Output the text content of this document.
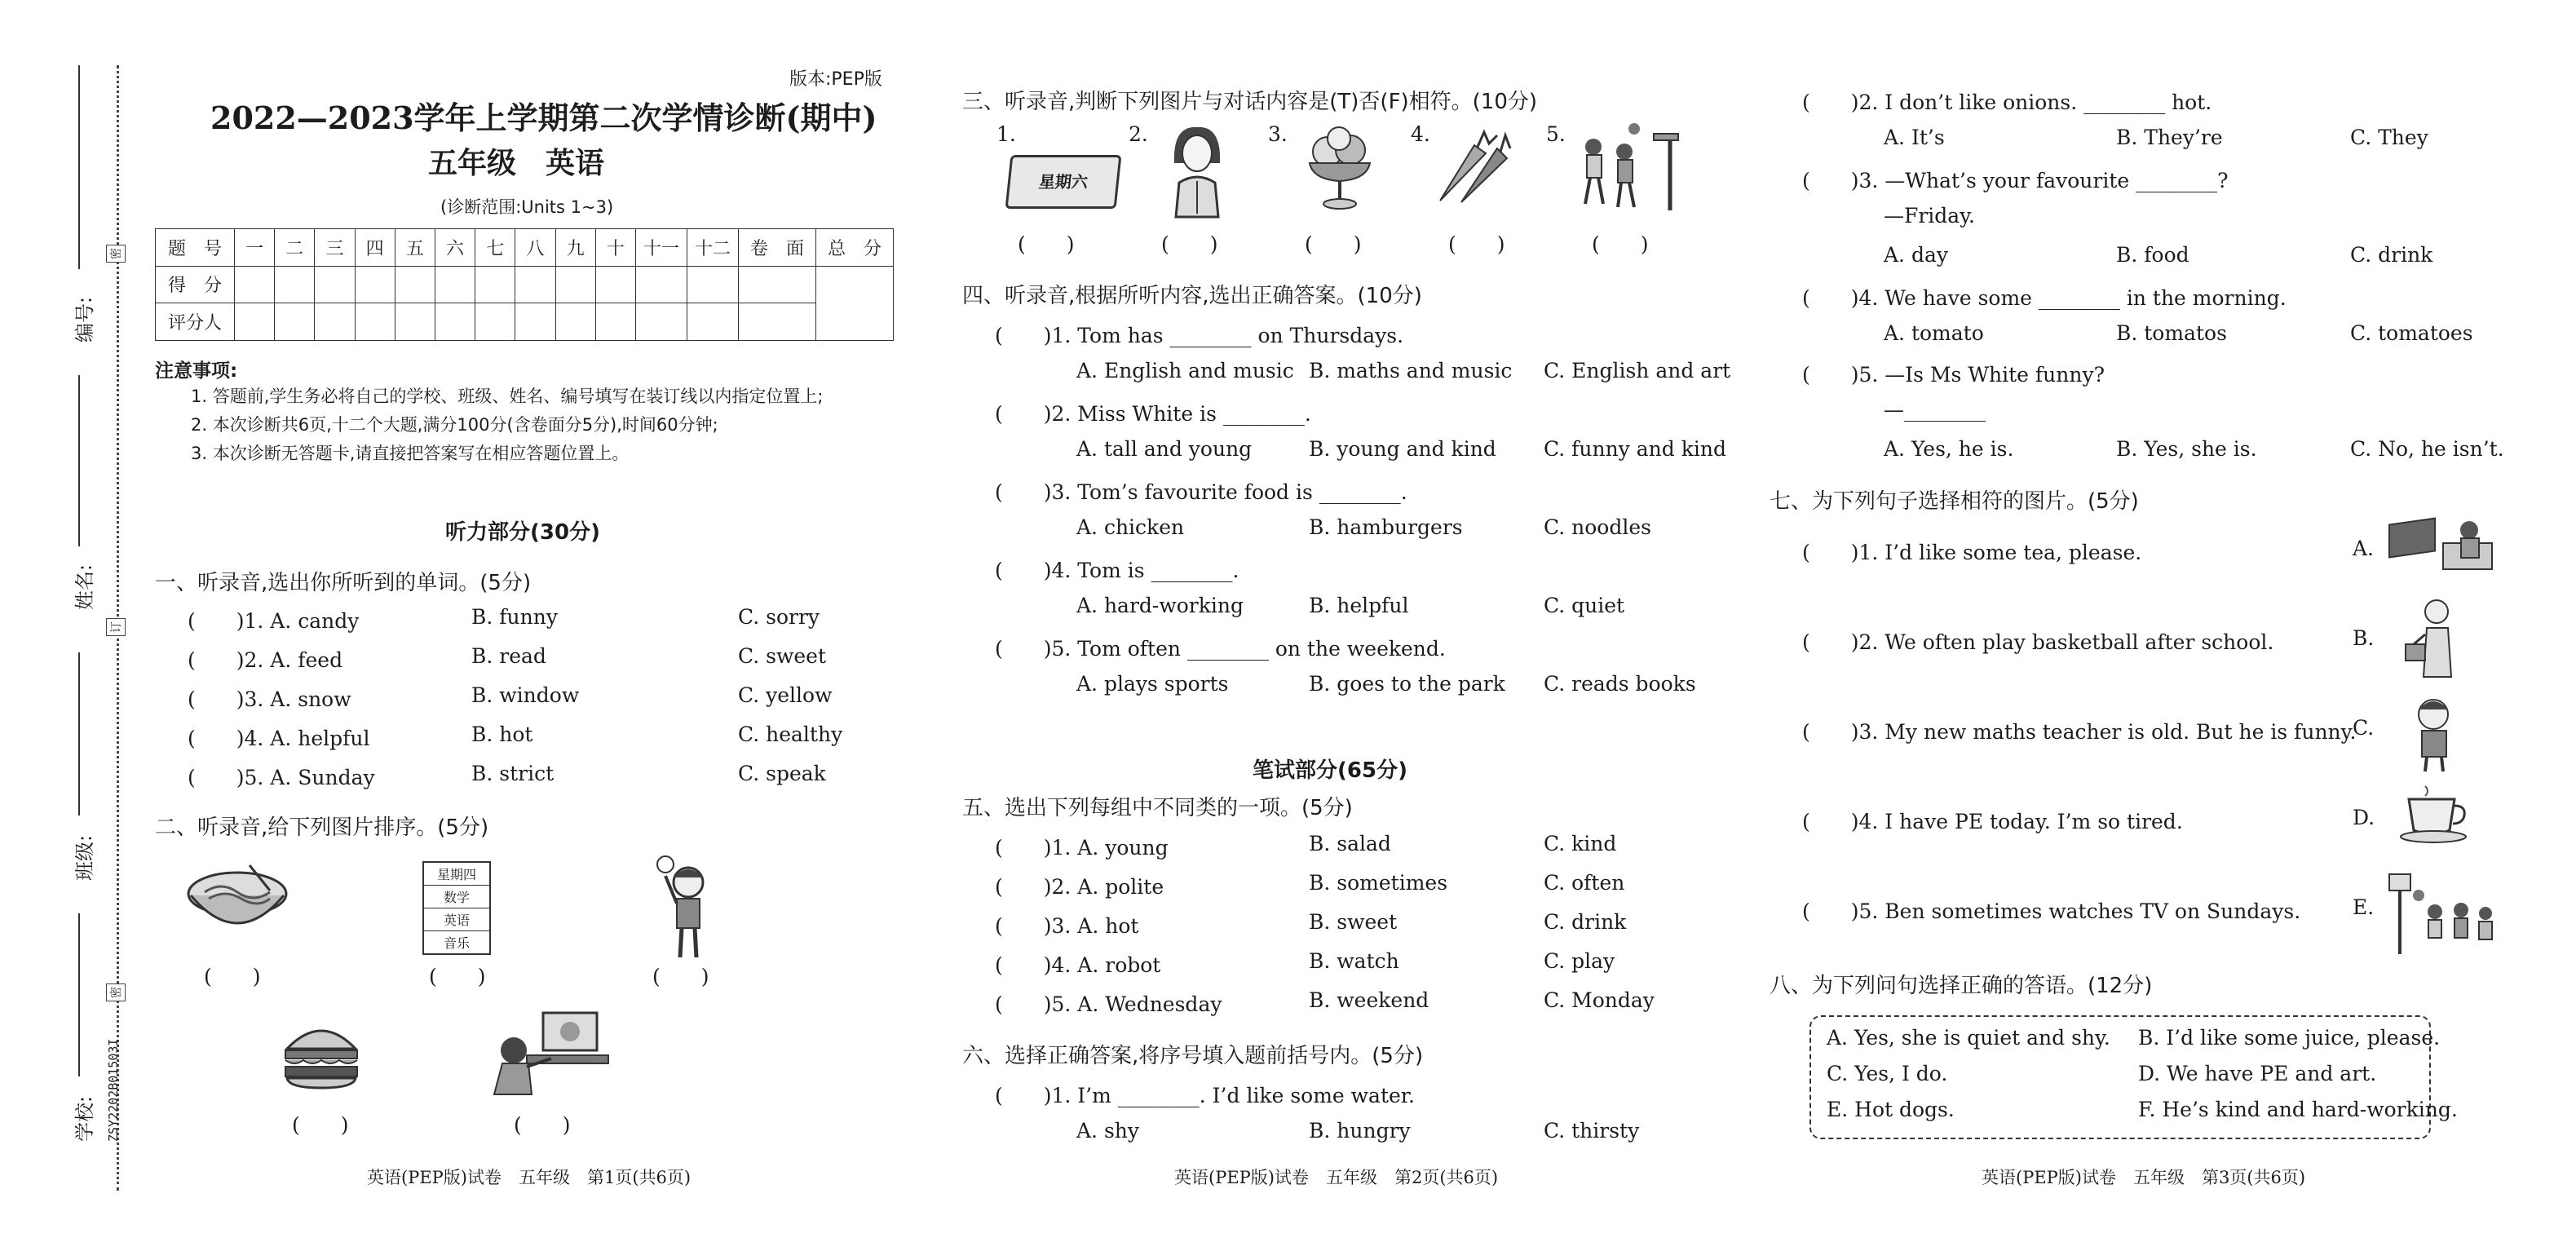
密
订
密
ZSY2202B01503I
编号:
姓名:
班级:
学校:
版本:PEP版
2022—2023学年上学期第二次学情诊断(期中)
五年级　英语
(诊断范围:Units 1~3)
题　号	一	二	三	四	五	六	七	八	九	十	十一	十二	卷　面	总　分
得　分														
评分人														
注意事项:
1. 答题前,学生务必将自己的学校、班级、姓名、编号填写在装订线以内指定位置上;
2. 本次诊断共6页,十二个大题,满分100分(含卷面分5分),时间60分钟;
3. 本次诊断无答题卡,请直接把答案写在相应答题位置上。
听力部分(30分)
一、听录音,选出你所听到的单词。(5分)
(　　)1. A. candy	B. funny	C. sorry
(　　)2. A. feed	B. read	C. sweet
(　　)3. A. snow	B. window	C. yellow
(　　)4. A. helpful	B. hot	C. healthy
(　　)5. A. Sunday	B. strict	C. speak
二、听录音,给下列图片排序。(5分)
星期四
数学
英语
音乐
(　　)	(　　)	(　　)
(　　)	(　　)
英语(PEP版)试卷　五年级　第1页(共6页)
三、听录音,判断下列图片与对话内容是(T)否(F)相符。(10分)
1.	2.	3.	4.	5.
星期六
(　　)	(　　)	(　　)	(　　)	(　　)
四、听录音,根据所听内容,选出正确答案。(10分)
(　　)1. Tom has ________ on Thursdays.
A. English and music B. maths and music C. English and art
(　　)2. Miss White is ________.
A. tall and young	B. young and kind C. funny and kind
(　　)3. Tom’s favourite food is ________.
A. chicken	B. hamburgers	C. noodles
(　　)4. Tom is ________.
A. hard-working	B. helpful	C. quiet
(　　)5. Tom often ________ on the weekend.
A. plays sports	B. goes to the park C. reads books
笔试部分(65分)
五、选出下列每组中不同类的一项。(5分)
(　　)1. A. young	B. salad	C. kind
(　　)2. A. polite	B. sometimes	C. often
(　　)3. A. hot	B. sweet	C. drink
(　　)4. A. robot	B. watch	C. play
(　　)5. A. Wednesday	B. weekend	C. Monday
六、选择正确答案,将序号填入题前括号内。(5分)
(　　)1. I’m ________. I’d like some water.
A. shy	B. hungry	C. thirsty
英语(PEP版)试卷　五年级　第2页(共6页)
(　　)2. I don’t like onions. ________ hot.
A. It’s	B. They’re	C. They
(　　)3. —What’s your favourite ________?
—Friday.
A. day	B. food	C. drink
(　　)4. We have some ________ in the morning.
A. tomato	B. tomatos	C. tomatoes
(　　)5. —Is Ms White funny?
—________
A. Yes, he is.	B. Yes, she is.	C. No, he isn’t.
七、为下列句子选择相符的图片。(5分)
(　　)1. I’d like some tea, please.	A.
(　　)2. We often play basketball after school.	B.
(　　)3. My new maths teacher is old. But he is funny.
C.
(　　)4. I have PE today. I’m so tired.	D.
(　　)5. Ben sometimes watches TV on Sundays.	E.
八、为下列问句选择正确的答语。(12分)
A. Yes, she is quiet and shy. B. I’d like some juice, please.
C. Yes, I do.	D. We have PE and art.
E. Hot dogs.	F. He’s kind and hard-working.
英语(PEP版)试卷　五年级　第3页(共6页)
